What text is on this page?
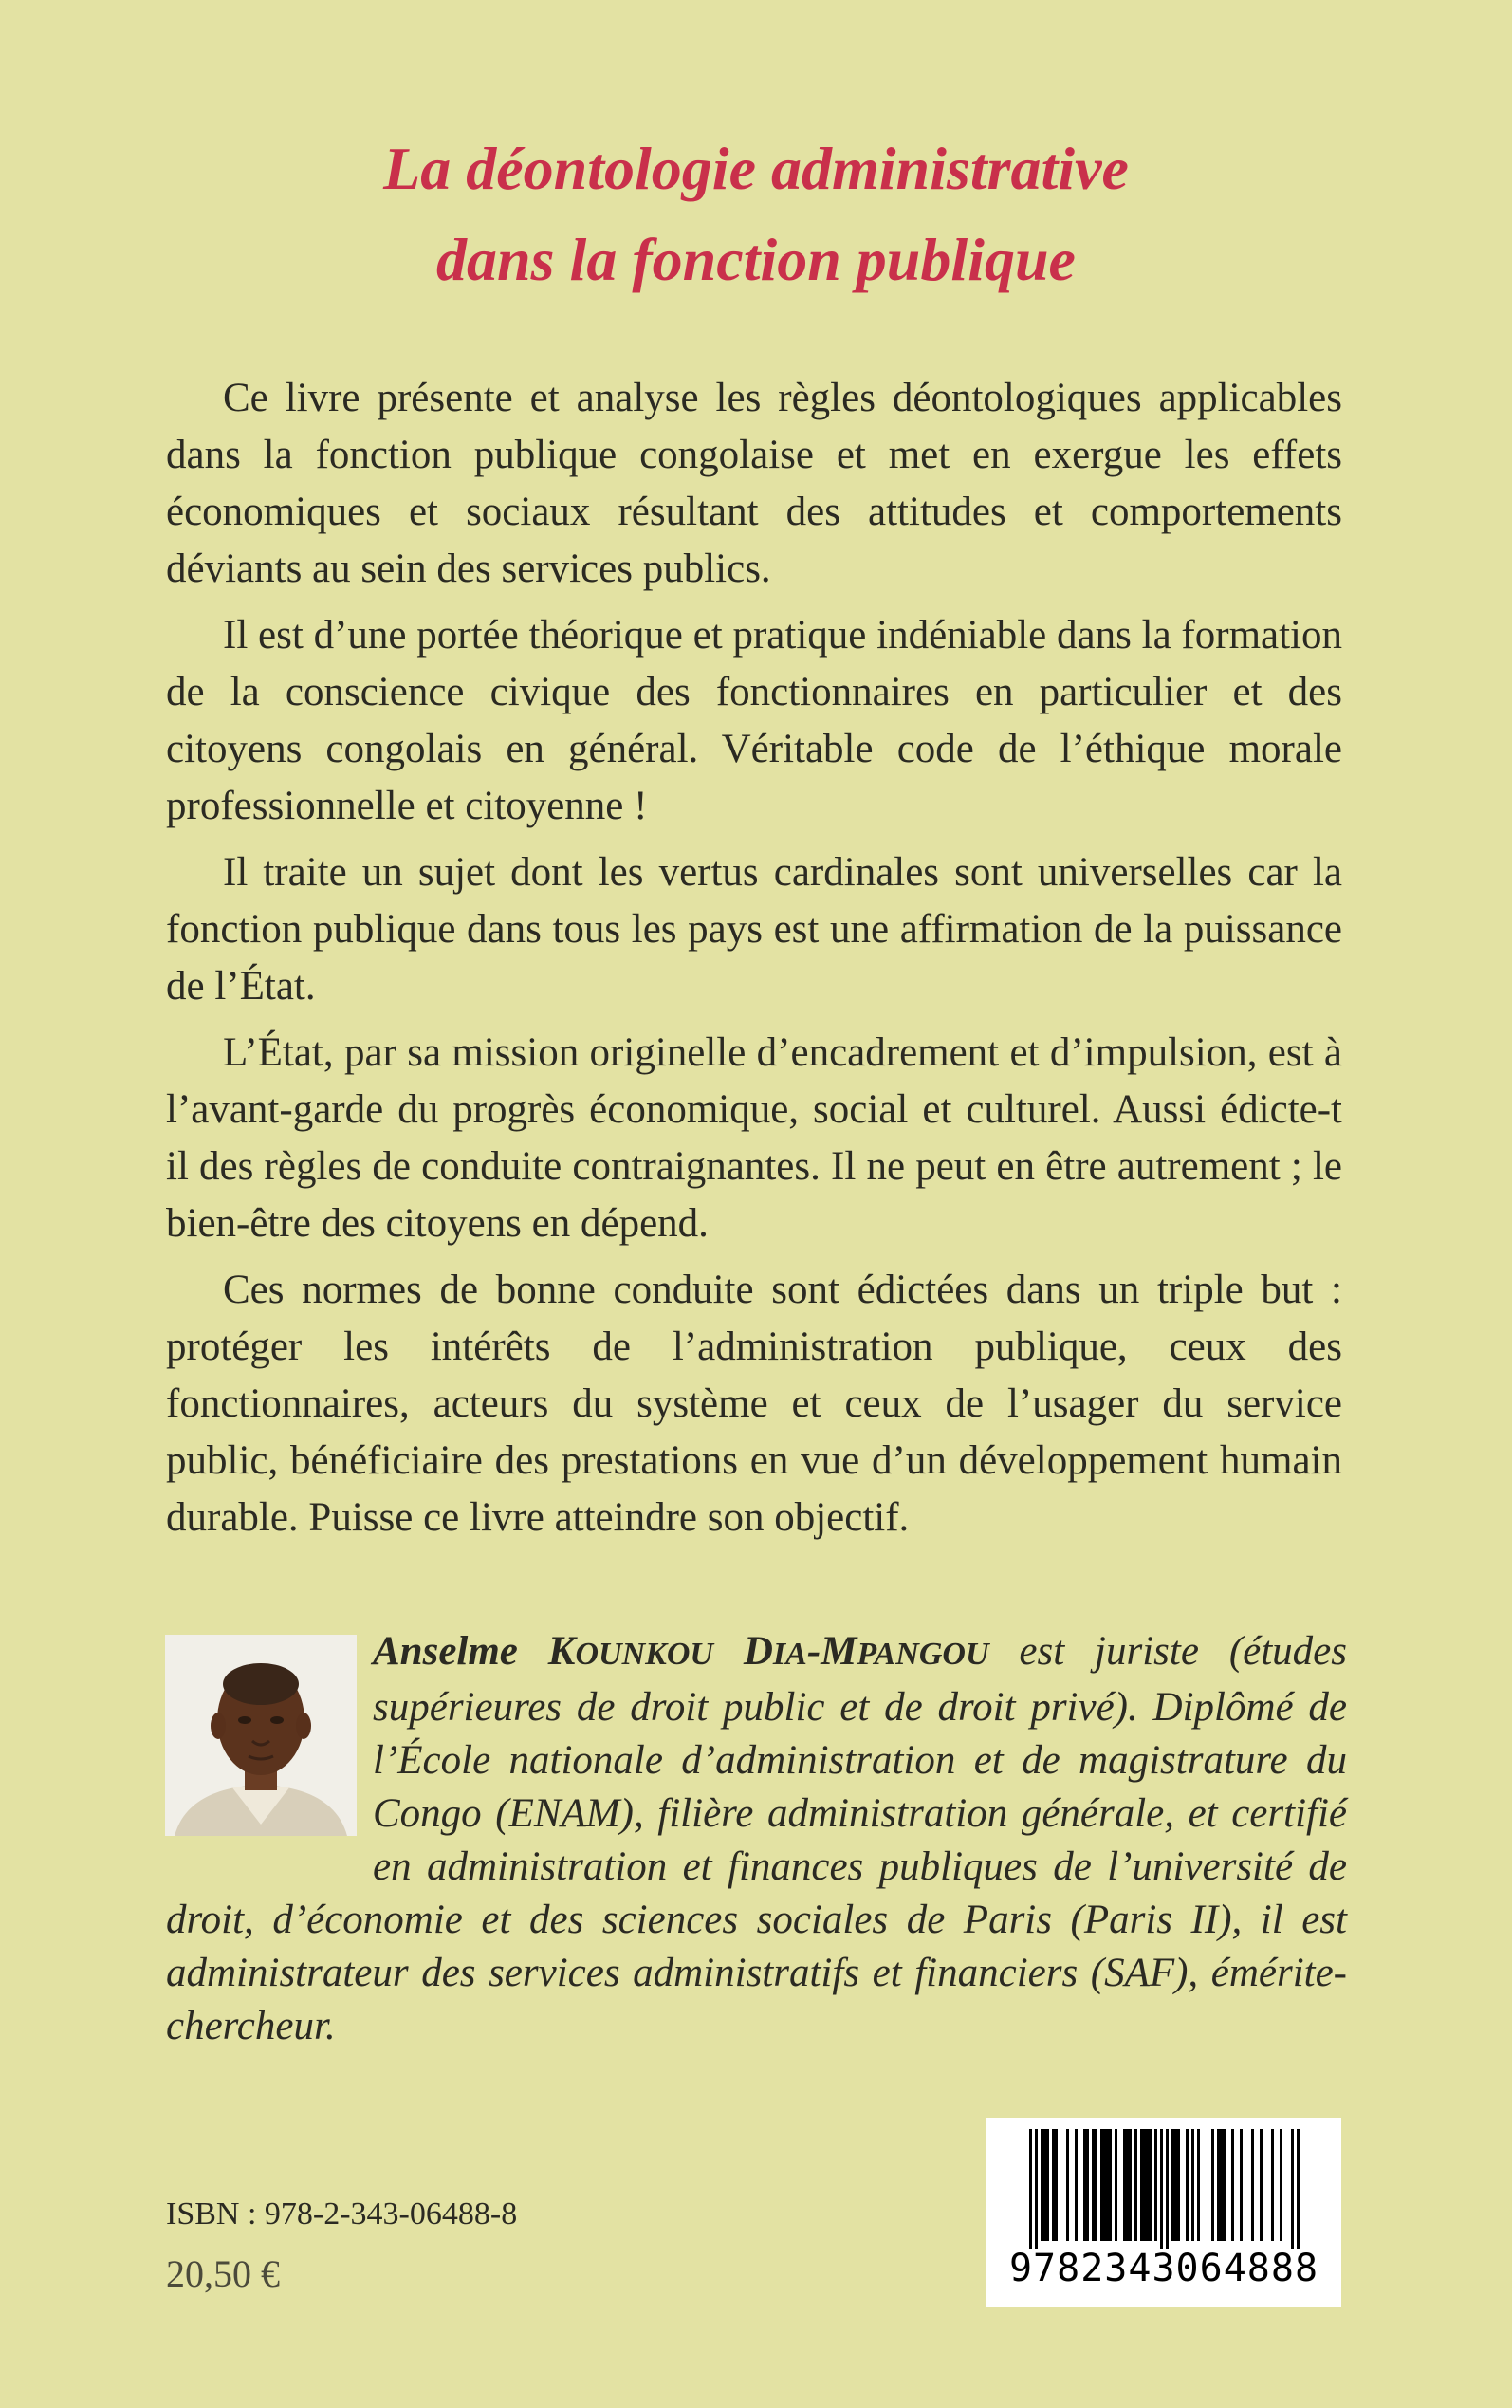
La déontologie administrative
dans la fonction publique

Ce livre présente et analyse les règles déontologiques applicables dans la fonction publique congolaise et met en exergue les effets économiques et sociaux résultant des attitudes et comportements déviants au sein des services publics.

Il est d’une portée théorique et pratique indéniable dans la formation de la conscience civique des fonctionnaires en particulier et des citoyens congolais en général. Véritable code de l’éthique morale professionnelle et citoyenne !

Il traite un sujet dont les vertus cardinales sont universelles car la fonction publique dans tous les pays est une affirmation de la puissance de l’État.

L’État, par sa mission originelle d’encadrement et d’impulsion, est à l’avant-garde du progrès économique, social et culturel. Aussi édicte-t il des règles de conduite contraignantes. Il ne peut en être autrement ; le bien-être des citoyens en dépend.

Ces normes de bonne conduite sont édictées dans un triple but : protéger les intérêts de l’administration publique, ceux des fonctionnaires, acteurs du système et ceux de l’usager du service public, bénéficiaire des prestations en vue d’un développement humain durable. Puisse ce livre atteindre son objectif.

Anselme KOUNKOU DIA-MPANGOU est juriste (études supérieures de droit public et de droit privé). Diplômé de l’École nationale d’administration et de magistrature du Congo (ENAM), filière administration générale, et certifié en administration et finances publiques de l’université de droit, d’économie et des sciences sociales de Paris (Paris II), il est administrateur des services administratifs et financiers (SAF), émérite-chercheur.
ISBN : 978-2-343-06488-8
20,50 €	9782343064888
